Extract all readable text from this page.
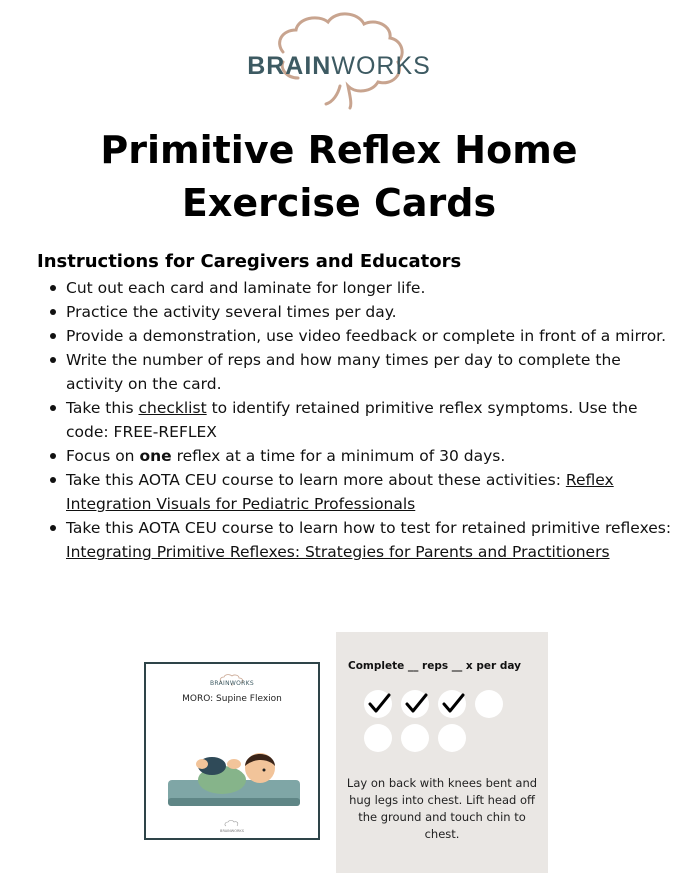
BRAINWORKS
Primitive Reflex Home
Exercise Cards
Instructions for Caregivers and Educators
Cut out each card and laminate for longer life.
Practice the activity several times per day.
Provide a demonstration, use video feedback or complete in front of a mirror.
Write the number of reps and how many times per day to complete the activity on the card.
Take this checklist to identify retained primitive reflex symptoms. Use the code: FREE-REFLEX
Focus on one reflex at a time for a minimum of 30 days.
Take this AOTA CEU course to learn more about these activities: Reflex Integration Visuals for Pediatric Professionals
Take this AOTA CEU course to learn how to test for retained primitive reflexes: Integrating Primitive Reflexes: Strategies for Parents and Practitioners
BRAINWORKS
MORO: Supine Flexion
BRAINWORKS
Complete __ reps __ x per day

Lay on back with knees bent and hug legs into chest. Lift head off the ground and touch chin to chest.
